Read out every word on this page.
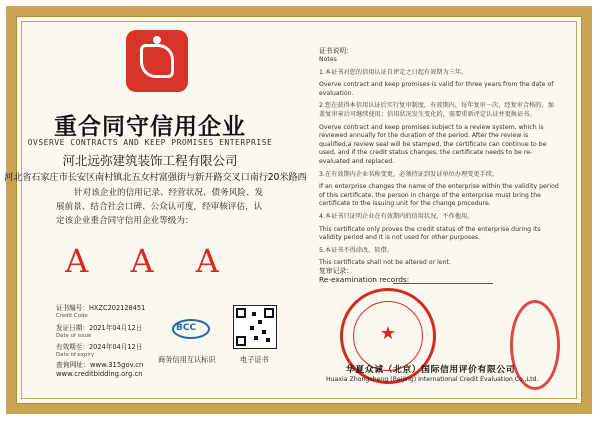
重合同守信用企业
OVSERVE CONTRACTS AND KEEP PROMISES ENTERPRISE
河北远弥建筑装饰工程有限公司
河北省石家庄市长安区南村镇北五女村富强街与新开路交叉口南行20米路西
针对该企业的信用记录、经营状况、债务风险、发展前景、结合社会口碑、公众认可度，经审核评估，认定该企业重合同守信用企业等级为：
A A A
证书编号：HXZC202128451
Credit Code
发证日期：2021年04月12日
Date of issue
有效期至：2024年04月12日
Date of expiry
查询网址：www.315gov.cn
www.creditbidding.org.cn
BCC
商务信用互认标识	电子证书
证书说明：

Notes

1.本证书对您的信用认证自评定之日起有效期为三年。

Overve contract and keep promises is valid for three years from the date of evaluation.

2.您在获得本信用认证后实行复审制度，有效期内，每年复审一次，经复审合格的，加盖复审章后可继续使用；信用状况发生变化的，需要重新评定认证并更换证书。

Overve contract and keep promises subject to a review system, which is reviewed annually for the duration of the period. After the review is qualified,a review seal will be stamped, the certificate can continue to be used, and if the credit status changes, the certificate needs to be re-evaluated and replaced.

3.在有效期内企业名称变更，必须持证到发证单位办理变更手续。

If an enterprise changes the name of the enterprise within the validity period of this certificate, the person in charge of the enterprise must bring the certificate to the issuing unit for the change procedure.

4.本证书只证明企业在有效期内的信用状况，不作他用。

This certificate only proves the credit status of the enterprise during its validity period and it is not used for other purposes.

5.本证书不得涂改、转借。

This certificate shall not be altered or lent.

复审记录：
Re-examination records:
★
华夏众诚（北京）国际信用评价有限公司
Huaxia Zhongcheng (Beijing) International Credit Evaluation Co.,Ltd.
